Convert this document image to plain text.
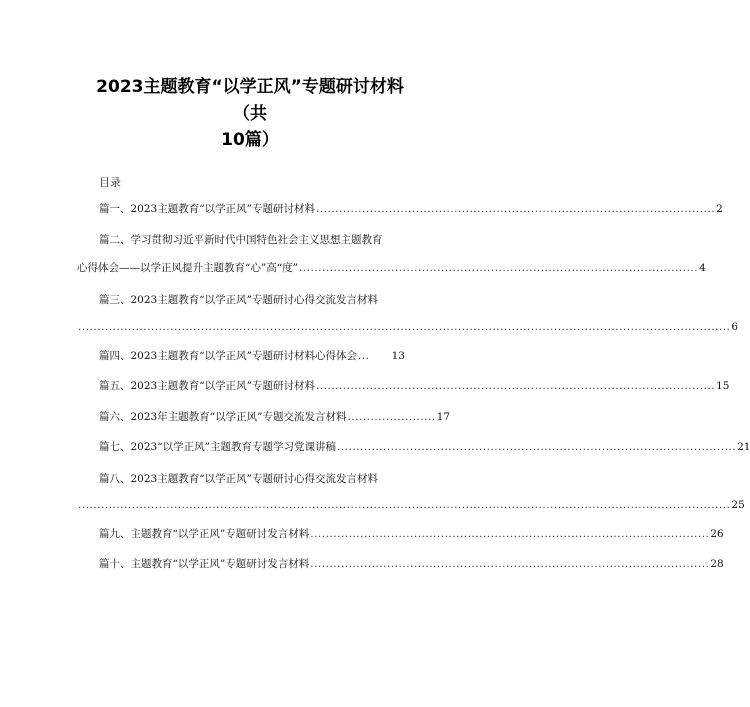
2023主题教育“以学正风”专题研讨材料
（共
10篇）
目录
篇一、2023主题教育“以学正风”专题研讨材料 ........................................................................................................ 2
篇二、学习贯彻习近平新时代中国特色社会主义思想主题教育
心得体会——以学正风提升主题教育“心”高“度” ........................................................................................................ 4
篇三、2023主题教育“以学正风”专题研讨心得交流发言材料
.......................................................................................................................................................................... 6
篇四、2023主题教育“以学正风”专题研讨材料心得体会 ...	13
篇五、2023主题教育“以学正风”专题研讨材料 ........................................................................................................ 15
篇六、2023年主题教育“以学正风”专题交流发言材料 ....................... 17
篇七、2023“以学正风”主题教育专题学习党课讲稿 ........................................................................................................ 21
篇八、2023主题教育“以学正风”专题研讨心得交流发言材料
.......................................................................................................................................................................... 25
篇九、主题教育“以学正风”专题研讨发言材料 ........................................................................................................ 26
篇十、主题教育“以学正风”专题研讨发言材料 ........................................................................................................ 28
